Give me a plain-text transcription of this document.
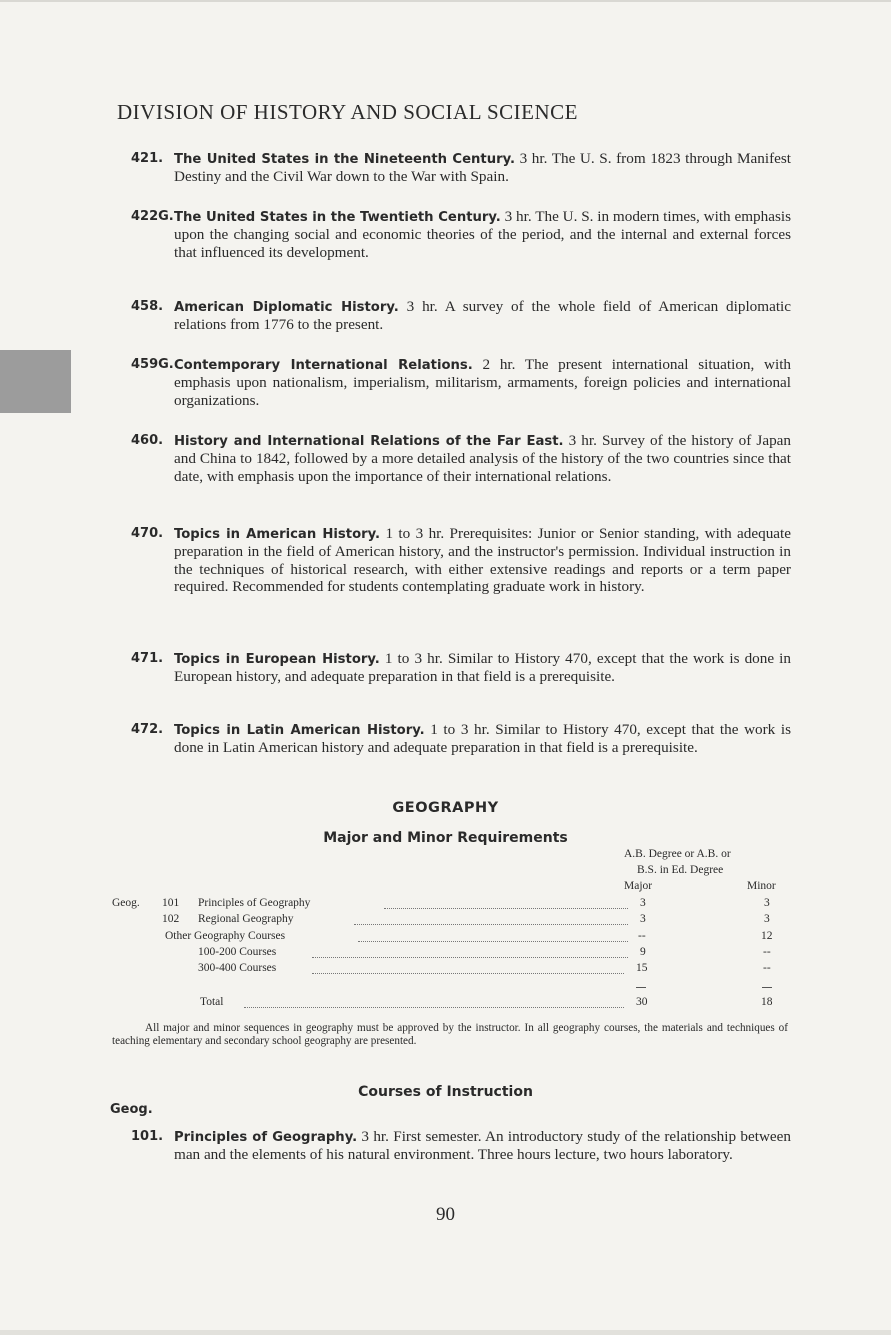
DIVISION OF HISTORY AND SOCIAL SCIENCE
421. The United States in the Nineteenth Century. 3 hr. The U. S. from 1823 through Manifest Destiny and the Civil War down to the War with Spain.
422G. The United States in the Twentieth Century. 3 hr. The U. S. in modern times, with emphasis upon the changing social and economic theories of the period, and the internal and external forces that influenced its development.
458. American Diplomatic History. 3 hr. A survey of the whole field of American diplomatic relations from 1776 to the present.
459G. Contemporary International Relations. 2 hr. The present international situation, with emphasis upon nationalism, imperialism, militarism, armaments, foreign policies and international organizations.
460. History and International Relations of the Far East. 3 hr. Survey of the history of Japan and China to 1842, followed by a more detailed analysis of the history of the two countries since that date, with emphasis upon the importance of their international relations.
470. Topics in American History. 1 to 3 hr. Prerequisites: Junior or Senior standing, with adequate preparation in the field of American history, and the instructor's permission. Individual instruction in the techniques of historical research, with either extensive readings and reports or a term paper required. Recommended for students contemplating graduate work in history.
471. Topics in European History. 1 to 3 hr. Similar to History 470, except that the work is done in European history, and adequate preparation in that field is a prerequisite.
472. Topics in Latin American History. 1 to 3 hr. Similar to History 470, except that the work is done in Latin American history and adequate preparation in that field is a prerequisite.
GEOGRAPHY
Major and Minor Requirements
A.B. Degree or A.B. or
B.S. in Ed. Degree
Major	Minor
Geog. 101 Principles of Geography	3	3
102 Regional Geography	3	3
Other Geography Courses	--	12
100-200 Courses	9	--
300-400 Courses	15	--
Total	30	18
All major and minor sequences in geography must be approved by the instructor. In all geography courses, the materials and techniques of teaching elementary and secondary school geography are presented.
Courses of Instruction
Geog.
101. Principles of Geography. 3 hr. First semester. An introductory study of the relationship between man and the elements of his natural environment. Three hours lecture, two hours laboratory.
90
